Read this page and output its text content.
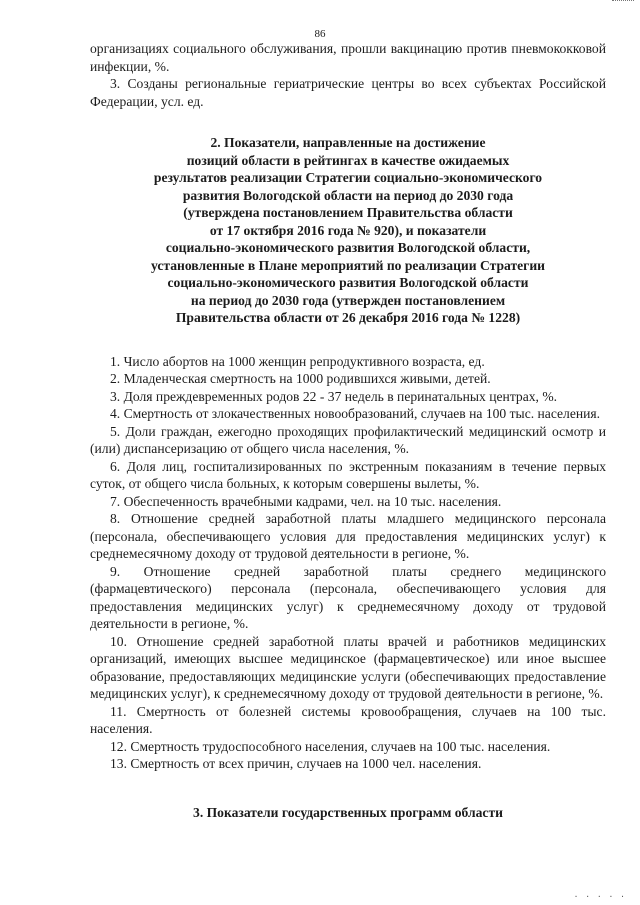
86

организациях социального обслуживания, прошли вакцинацию против пневмококковой инфекции, %.

3. Созданы региональные гериатрические центры во всех субъектах Российской Федерации, усл. ед.

2. Показатели, направленные на достижение
позиций области в рейтингах в качестве ожидаемых
результатов реализации Стратегии социально-экономического
развития Вологодской области на период до 2030 года
(утверждена постановлением Правительства области
от 17 октября 2016 года № 920), и показатели
социально-экономического развития Вологодской области,
установленные в Плане мероприятий по реализации Стратегии
социально-экономического развития Вологодской области
на период до 2030 года (утвержден постановлением
Правительства области от 26 декабря 2016 года № 1228)

1. Число абортов на 1000 женщин репродуктивного возраста, ед.

2. Младенческая смертность на 1000 родившихся живыми, детей.

3. Доля преждевременных родов 22 - 37 недель в перинатальных центрах, %.

4. Смертность от злокачественных новообразований, случаев на 100 тыс. населения.

5. Доли граждан, ежегодно проходящих профилактический медицинский осмотр и (или) диспансеризацию от общего числа населения, %.

6. Доля лиц, госпитализированных по экстренным показаниям в течение первых суток, от общего числа больных, к которым совершены вылеты, %.

7. Обеспеченность врачебными кадрами, чел. на 10 тыс. населения.

8. Отношение средней заработной платы младшего медицинского персонала (персонала, обеспечивающего условия для предоставления медицинских услуг) к среднемесячному доходу от трудовой деятельности в регионе, %.

9. Отношение средней заработной платы среднего медицинского (фармацевтического) персонала (персонала, обеспечивающего условия для предоставления медицинских услуг) к среднемесячному доходу от трудовой деятельности в регионе, %.

10. Отношение средней заработной платы врачей и работников медицинских организаций, имеющих высшее медицинское (фармацевтическое) или иное высшее образование, предоставляющих медицинские услуги (обеспечивающих предоставление медицинских услуг), к среднемесячному доходу от трудовой деятельности в регионе, %.

11. Смертность от болезней системы кровообращения, случаев на 100 тыс. населения.

12. Смертность трудоспособного населения, случаев на 100 тыс. населения.

13. Смертность от всех причин, случаев на 1000 чел. населения.

3. Показатели государственных программ области

· · · · ·
